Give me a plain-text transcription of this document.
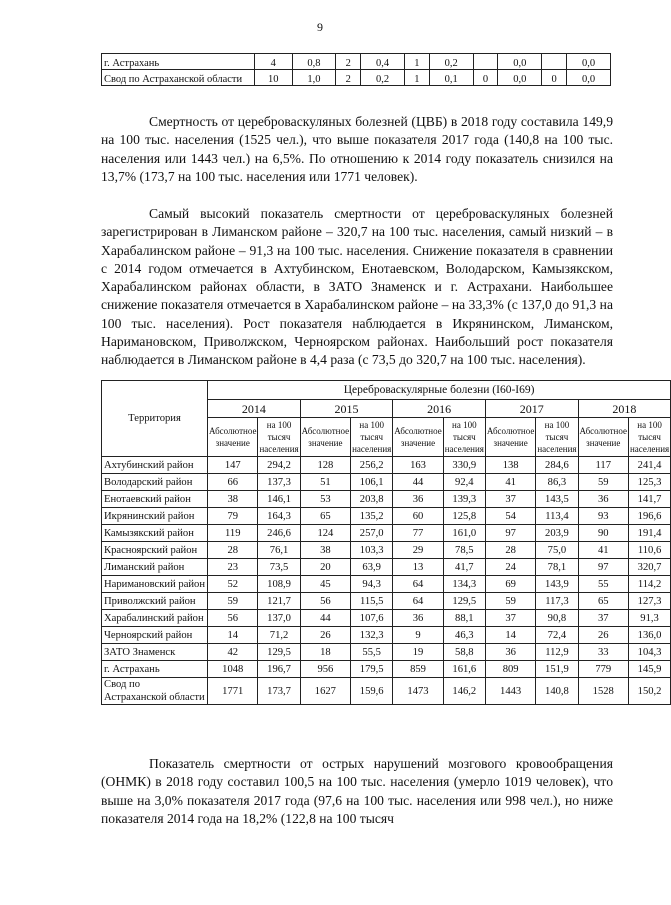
9
г. Астрахань	4	0,8	2	0,4	1	0,2		0,0		0,0
Свод по Астраханской области	10	1,0	2	0,2	1	0,1	0	0,0	0	0,0

Смертность от цереброваскуляных болезней (ЦВБ) в 2018 году составила 149,9 на 100 тыс. населения (1525 чел.), что выше показателя 2017 года (140,8 на 100 тыс. населения или 1443 чел.) на 6,5%. По отношению к 2014 году показатель снизился на 13,7% (173,7 на 100 тыс. населения или 1771 человек).

Самый высокий показатель смертности от цереброваскуляных болезней зарегистрирован в Лиманском районе – 320,7 на 100 тыс. населения, самый низкий – в Харабалинском районе – 91,3 на 100 тыс. населения. Снижение показателя в сравнении с 2014 годом отмечается в Ахтубинском, Енотаевском, Володарском, Камызякском, Харабалинском районах области, в ЗАТО Знаменск и г. Астрахани. Наибольшее снижение показателя отмечается в Харабалинском районе – на 33,3% (с 137,0 до 91,3 на 100 тыс. населения). Рост показателя наблюдается в Икрянинском, Лиманском, Наримановском, Приволжском, Черноярском районах. Наибольший рост показателя наблюдается в Лиманском районе в 4,4 раза (с 73,5 до 320,7 на 100 тыс. населения).

Территория	Цереброваскулярные болезни (I60-I69)									
	2014		2015		2016		2017		2018	
	Абсолютное значение	на 100 тысяч населения	Абсолютное значение	на 100 тысяч населения	Абсолютное значение	на 100 тысяч населения	Абсолютное значение	на 100 тысяч населения	Абсолютное значение	на 100 тысяч населения
Ахтубинский район	147	294,2	128	256,2	163	330,9	138	284,6	117	241,4
Володарский район	66	137,3	51	106,1	44	92,4	41	86,3	59	125,3
Енотаевский район	38	146,1	53	203,8	36	139,3	37	143,5	36	141,7
Икрянинский район	79	164,3	65	135,2	60	125,8	54	113,4	93	196,6
Камызякский район	119	246,6	124	257,0	77	161,0	97	203,9	90	191,4
Красноярский район	28	76,1	38	103,3	29	78,5	28	75,0	41	110,6
Лиманский район	23	73,5	20	63,9	13	41,7	24	78,1	97	320,7
Наримановский район	52	108,9	45	94,3	64	134,3	69	143,9	55	114,2
Приволжский район	59	121,7	56	115,5	64	129,5	59	117,3	65	127,3
Харабалинский район	56	137,0	44	107,6	36	88,1	37	90,8	37	91,3
Черноярский район	14	71,2	26	132,3	9	46,3	14	72,4	26	136,0
ЗАТО Знаменск	42	129,5	18	55,5	19	58,8	36	112,9	33	104,3
г. Астрахань	1048	196,7	956	179,5	859	161,6	809	151,9	779	145,9
Свод по Астраханской области	1771	173,7	1627	159,6	1473	146,2	1443	140,8	1528	150,2

Показатель смертности от острых нарушений мозгового кровообращения (ОНМК) в 2018 году составил 100,5 на 100 тыс. населения (умерло 1019 человек), что выше на 3,0% показателя 2017 года (97,6 на 100 тыс. населения или 998 чел.), но ниже показателя 2014 года на 18,2% (122,8 на 100 тысяч
